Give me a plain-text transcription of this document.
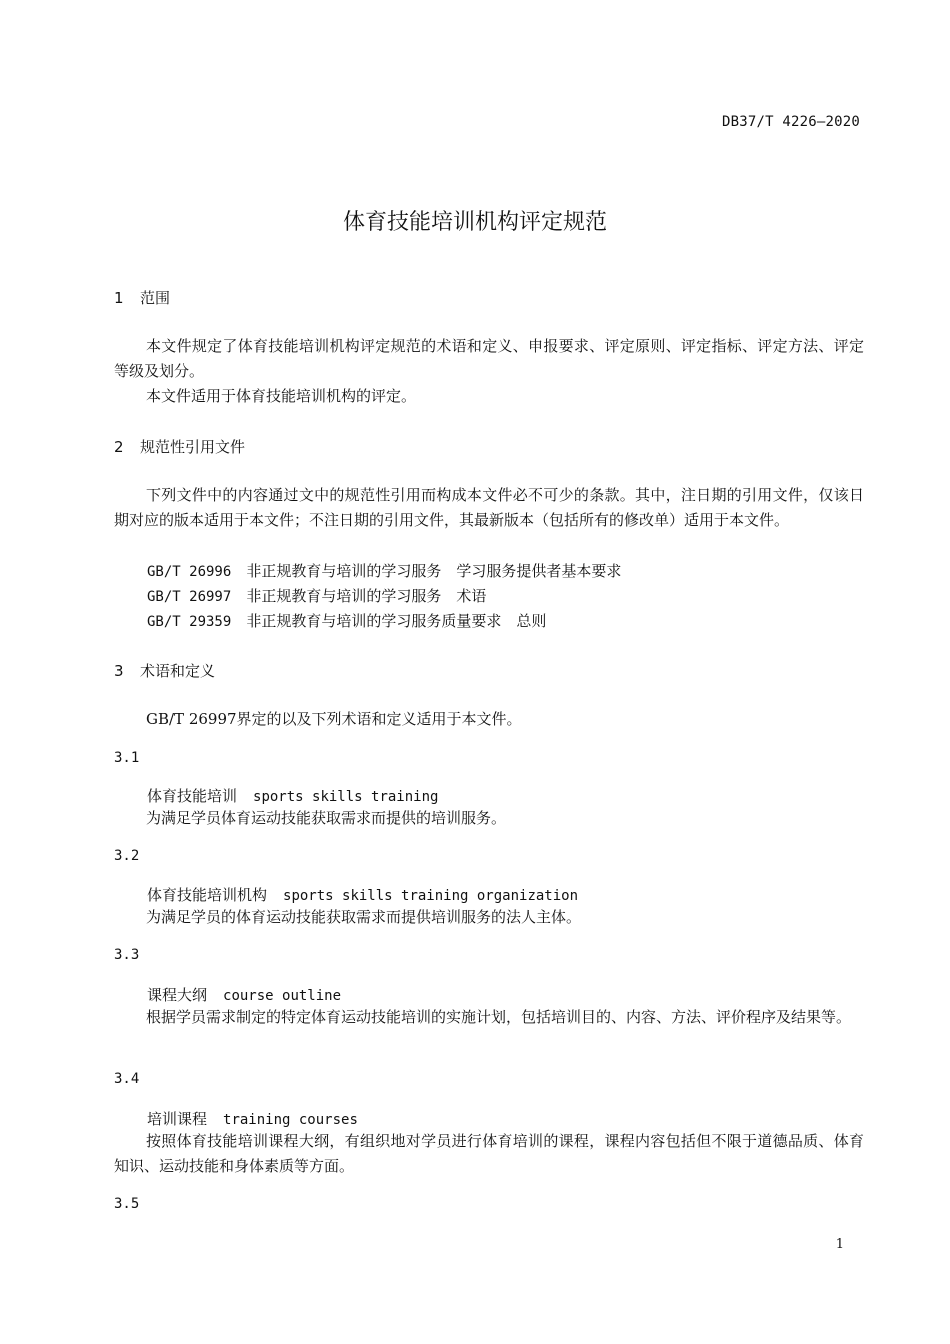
DB37/T 4226—2020
体育技能培训机构评定规范
1 范围
本文件规定了体育技能培训机构评定规范的术语和定义、申报要求、评定原则、评定指标、评定方法、评定等级及划分。
本文件适用于体育技能培训机构的评定。
2 规范性引用文件
下列文件中的内容通过文中的规范性引用而构成本文件必不可少的条款。其中，注日期的引用文件，仅该日期对应的版本适用于本文件；不注日期的引用文件，其最新版本（包括所有的修改单）适用于本文件。
GB/T 26996　 非正规教育与培训的学习服务　学习服务提供者基本要求
GB/T 26997　 非正规教育与培训的学习服务　术语
GB/T 29359　 非正规教育与培训的学习服务质量要求　总则
3 术语和定义
GB/T 26997界定的以及下列术语和定义适用于本文件。
3.1
体育技能培训 sports skills training
为满足学员体育运动技能获取需求而提供的培训服务。
3.2
体育技能培训机构 sports skills training organization
为满足学员的体育运动技能获取需求而提供培训服务的法人主体。
3.3
课程大纲 course outline
根据学员需求制定的特定体育运动技能培训的实施计划，包括培训目的、内容、方法、评价程序及结果等。
3.4
培训课程 training courses
按照体育技能培训课程大纲，有组织地对学员进行体育培训的课程，课程内容包括但不限于道德品质、体育知识、运动技能和身体素质等方面。
3.5
1
